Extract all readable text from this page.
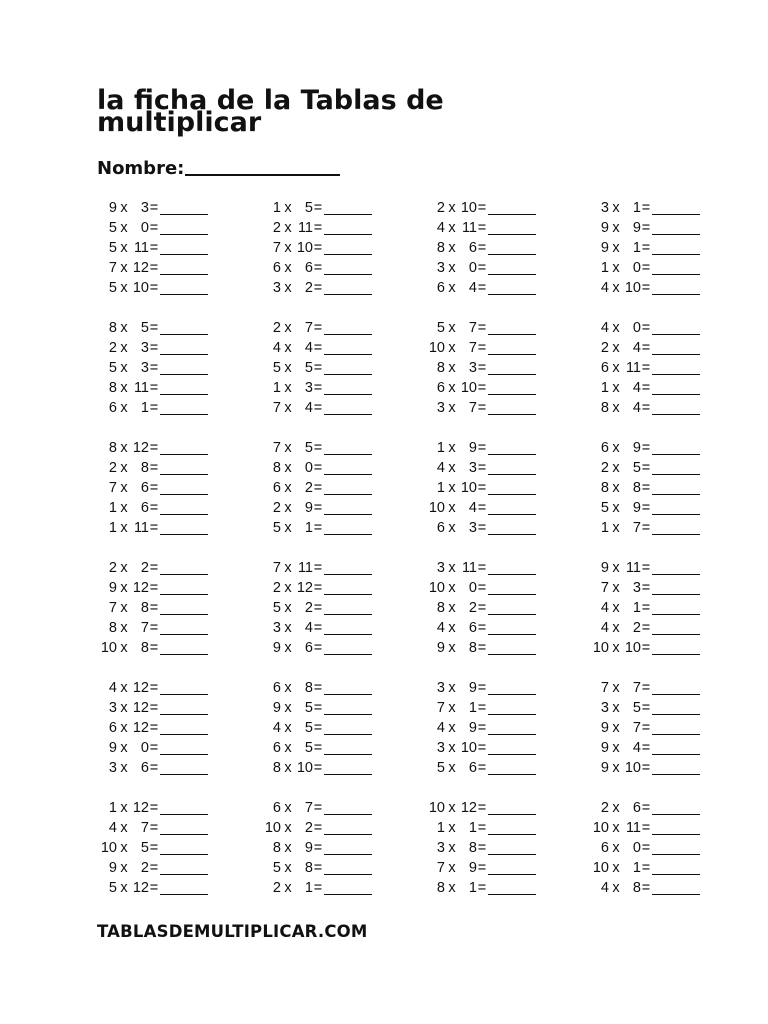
la ficha de la Tablas de multiplicar
Nombre:
9 x 3 =	1 x 5 =	2 x 10 =	3 x 1 =
5 x 0 =	2 x 11 =	4 x 11 =	9 x 9 =
5 x 11 =	7 x 10 =	8 x 6 =	9 x 1 =
7 x 12 =	6 x 6 =	3 x 0 =	1 x 0 =
5 x 10 =	3 x 2 =	6 x 4 =	4 x 10 =
8 x 5 =	2 x 7 =	5 x 7 =	4 x 0 =
2 x 3 =	4 x 4 =	10 x 7 =	2 x 4 =
5 x 3 =	5 x 5 =	8 x 3 =	6 x 11 =
8 x 11 =	1 x 3 =	6 x 10 =	1 x 4 =
6 x 1 =	7 x 4 =	3 x 7 =	8 x 4 =
8 x 12 =	7 x 5 =	1 x 9 =	6 x 9 =
2 x 8 =	8 x 0 =	4 x 3 =	2 x 5 =
7 x 6 =	6 x 2 =	1 x 10 =	8 x 8 =
1 x 6 =	2 x 9 =	10 x 4 =	5 x 9 =
1 x 11 =	5 x 1 =	6 x 3 =	1 x 7 =
2 x 2 =	7 x 11 =	3 x 11 =	9 x 11 =
9 x 12 =	2 x 12 =	10 x 0 =	7 x 3 =
7 x 8 =	5 x 2 =	8 x 2 =	4 x 1 =
8 x 7 =	3 x 4 =	4 x 6 =	4 x 2 =
10 x 8 =	9 x 6 =	9 x 8 =	10 x 10 =
4 x 12 =	6 x 8 =	3 x 9 =	7 x 7 =
3 x 12 =	9 x 5 =	7 x 1 =	3 x 5 =
6 x 12 =	4 x 5 =	4 x 9 =	9 x 7 =
9 x 0 =	6 x 5 =	3 x 10 =	9 x 4 =
3 x 6 =	8 x 10 =	5 x 6 =	9 x 10 =
1 x 12 =	6 x 7 =	10 x 12 =	2 x 6 =
4 x 7 =	10 x 2 =	1 x 1 =	10 x 11 =
10 x 5 =	8 x 9 =	3 x 8 =	6 x 0 =
9 x 2 =	5 x 8 =	7 x 9 =	10 x 1 =
5 x 12 =	2 x 1 =	8 x 1 =	4 x 8 =
TABLASDEMULTIPLICAR.COM
